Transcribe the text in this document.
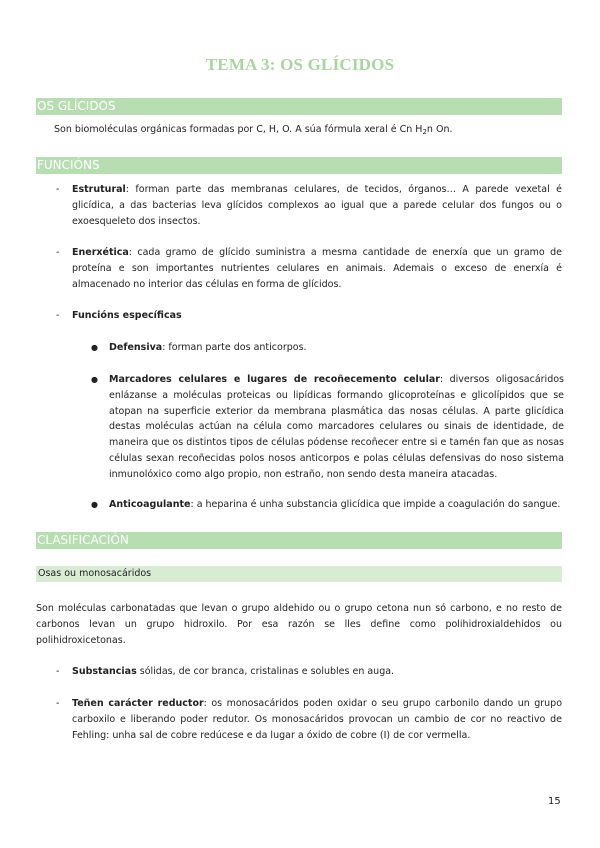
TEMA 3: OS GLÍCIDOS
OS GLÍCIDOS

Son biomoléculas orgánicas formadas por C, H, O. A súa fórmula xeral é Cn $H_2n$ On.

FUNCIÓNS
- Estrutural: forman parte das membranas celulares, de tecidos, órganos… A parede vexetal é glicídica, a das bacterias leva glícidos complexos ao igual que a parede celular dos fungos ou o exoesqueleto dos insectos.

- Enerxética: cada gramo de glícido suministra a mesma cantidade de enerxía que un gramo de proteína e son importantes nutrientes celulares en animais. Ademais o exceso de enerxía é almacenado no interior das células en forma de glícidos.

- Funcións específicas

● Defensiva: forman parte dos anticorpos.

● Marcadores celulares e lugares de recoñecemento celular: diversos oligosacáridos enlázanse a moléculas proteicas ou lipídicas formando glicoproteínas e glicolípidos que se atopan na superficie exterior da membrana plasmática das nosas células. A parte glicídica destas moléculas actúan na célula como marcadores celulares ou sinais de identidade, de maneira que os distintos tipos de células pódense recoñecer entre si e tamén fan que as nosas células sexan recoñecidas polos nosos anticorpos e polas células defensivas do noso sistema inmunolóxico como algo propio, non estraño, non sendo desta maneira atacadas.

● Anticoagulante: a heparina é unha substancia glicídica que impide a coagulación do sangue.

CLASIFICACIÓN
Osas ou monosacáridos

Son moléculas carbonatadas que levan o grupo aldehido ou o grupo cetona nun só carbono, e no resto de carbonos levan un grupo hidroxilo. Por esa razón se lles define como polihidroxialdehidos ou polihidroxicetonas.

- Substancias sólidas, de cor branca, cristalinas e solubles en auga.

- Teñen carácter reductor: os monosacáridos poden oxidar o seu grupo carbonilo dando un grupo carboxilo e liberando poder redutor. Os monosacáridos provocan un cambio de cor no reactivo de Fehling: unha sal de cobre redúcese e da lugar a óxido de cobre (I) de cor vermella.

15
